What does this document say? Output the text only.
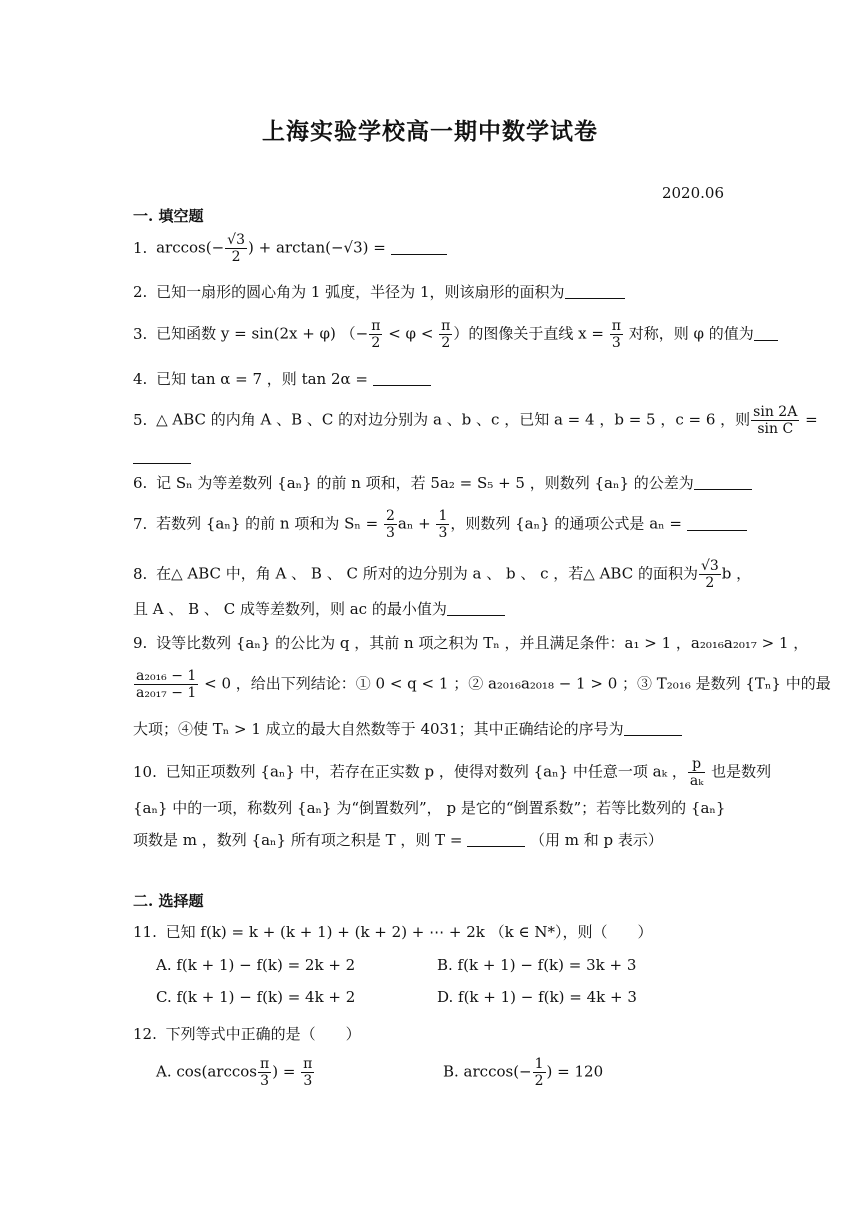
上海实验学校高一期中数学试卷
2020.06
一. 填空题
1. $\arccos(- \frac{√3}{2}$ ) + arctan(−√3) =
2. 已知一扇形的圆心角为 1 弧度，半径为 1，则该扇形的面积为
3. 已知函数 y = sin(2x + φ) （− $\frac{\pi}{2} < \varphi < \frac{\pi}{2}$ ）的图像关于直线 $x = \frac{\pi}{3}$ 对称，则 φ 的值为
4. 已知 tan α = 7 ，则 tan 2α =
5. △ ABC 的内角 A 、B 、C 的对边分别为 a 、b 、c ，已知 a = 4 ，b = 5 ，c = 6 ，则 $\frac{\sin 2A}{\text{sin C}}$ =
6. 记 Sₙ 为等差数列 {aₙ} 的前 n 项和，若 5a₂ = S₅ + 5 ，则数列 {aₙ} 的公差为
7. 若数列 {aₙ} 的前 n 项和为 $S_n = \frac{2}{3}$ $a_n + \frac{1}{3}$ ，则数列 {aₙ} 的通项公式是 aₙ =
8. 在△ ABC 中，角 A 、 B 、 C 所对的边分别为 a 、 b 、 c ，若△ ABC 的面积为 $\frac{√3}{2}$ b ，
且 A 、 B 、 C 成等差数列，则 ac 的最小值为
9. 设等比数列 {aₙ} 的公比为 q ，其前 n 项之积为 Tₙ ，并且满足条件：a₁ > 1 ，a₂₀₁₆a₂₀₁₇ > 1 ，
$\frac{\text{a₂₀₁₆ − 1}}{\text{a₂₀₁₇ − 1}} < 0$ ，给出下列结论：① 0 < q < 1 ；② a₂₀₁₆a₂₀₁₈ − 1 > 0 ；③ T₂₀₁₆ 是数列 {Tₙ} 中的最
大项；④使 Tₙ > 1 成立的最大自然数等于 4031；其中正确结论的序号为
10. 已知正项数列 {aₙ} 中，若存在正实数 p ，使得对数列 {aₙ} 中任意一项 aₖ ， $\frac{p}{\text{aₖ}}$ 也是数列
{aₙ} 中的一项，称数列 {aₙ} 为“倒置数列”， p 是它的“倒置系数”；若等比数列的 {aₙ}
项数是 m ，数列 {aₙ} 所有项之积是 T ，则 T =	（用 m 和 p 表示）
二. 选择题
11. 已知 f(k) = k + (k + 1) + (k + 2) + ⋯ + 2k （k ∈ N*），则（　　）
A. f(k + 1) − f(k) = 2k + 2	B. f(k + 1) − f(k) = 3k + 3
C. f(k + 1) − f(k) = 4k + 2	D. f(k + 1) − f(k) = 4k + 3
12. 下列等式中正确的是（　　）
A. $\cos(\arccos \frac{\pi}{3}$ ) = $\frac{\pi}{3}$	B. $\arccos(- \frac{1}{2}$ ) = 120
